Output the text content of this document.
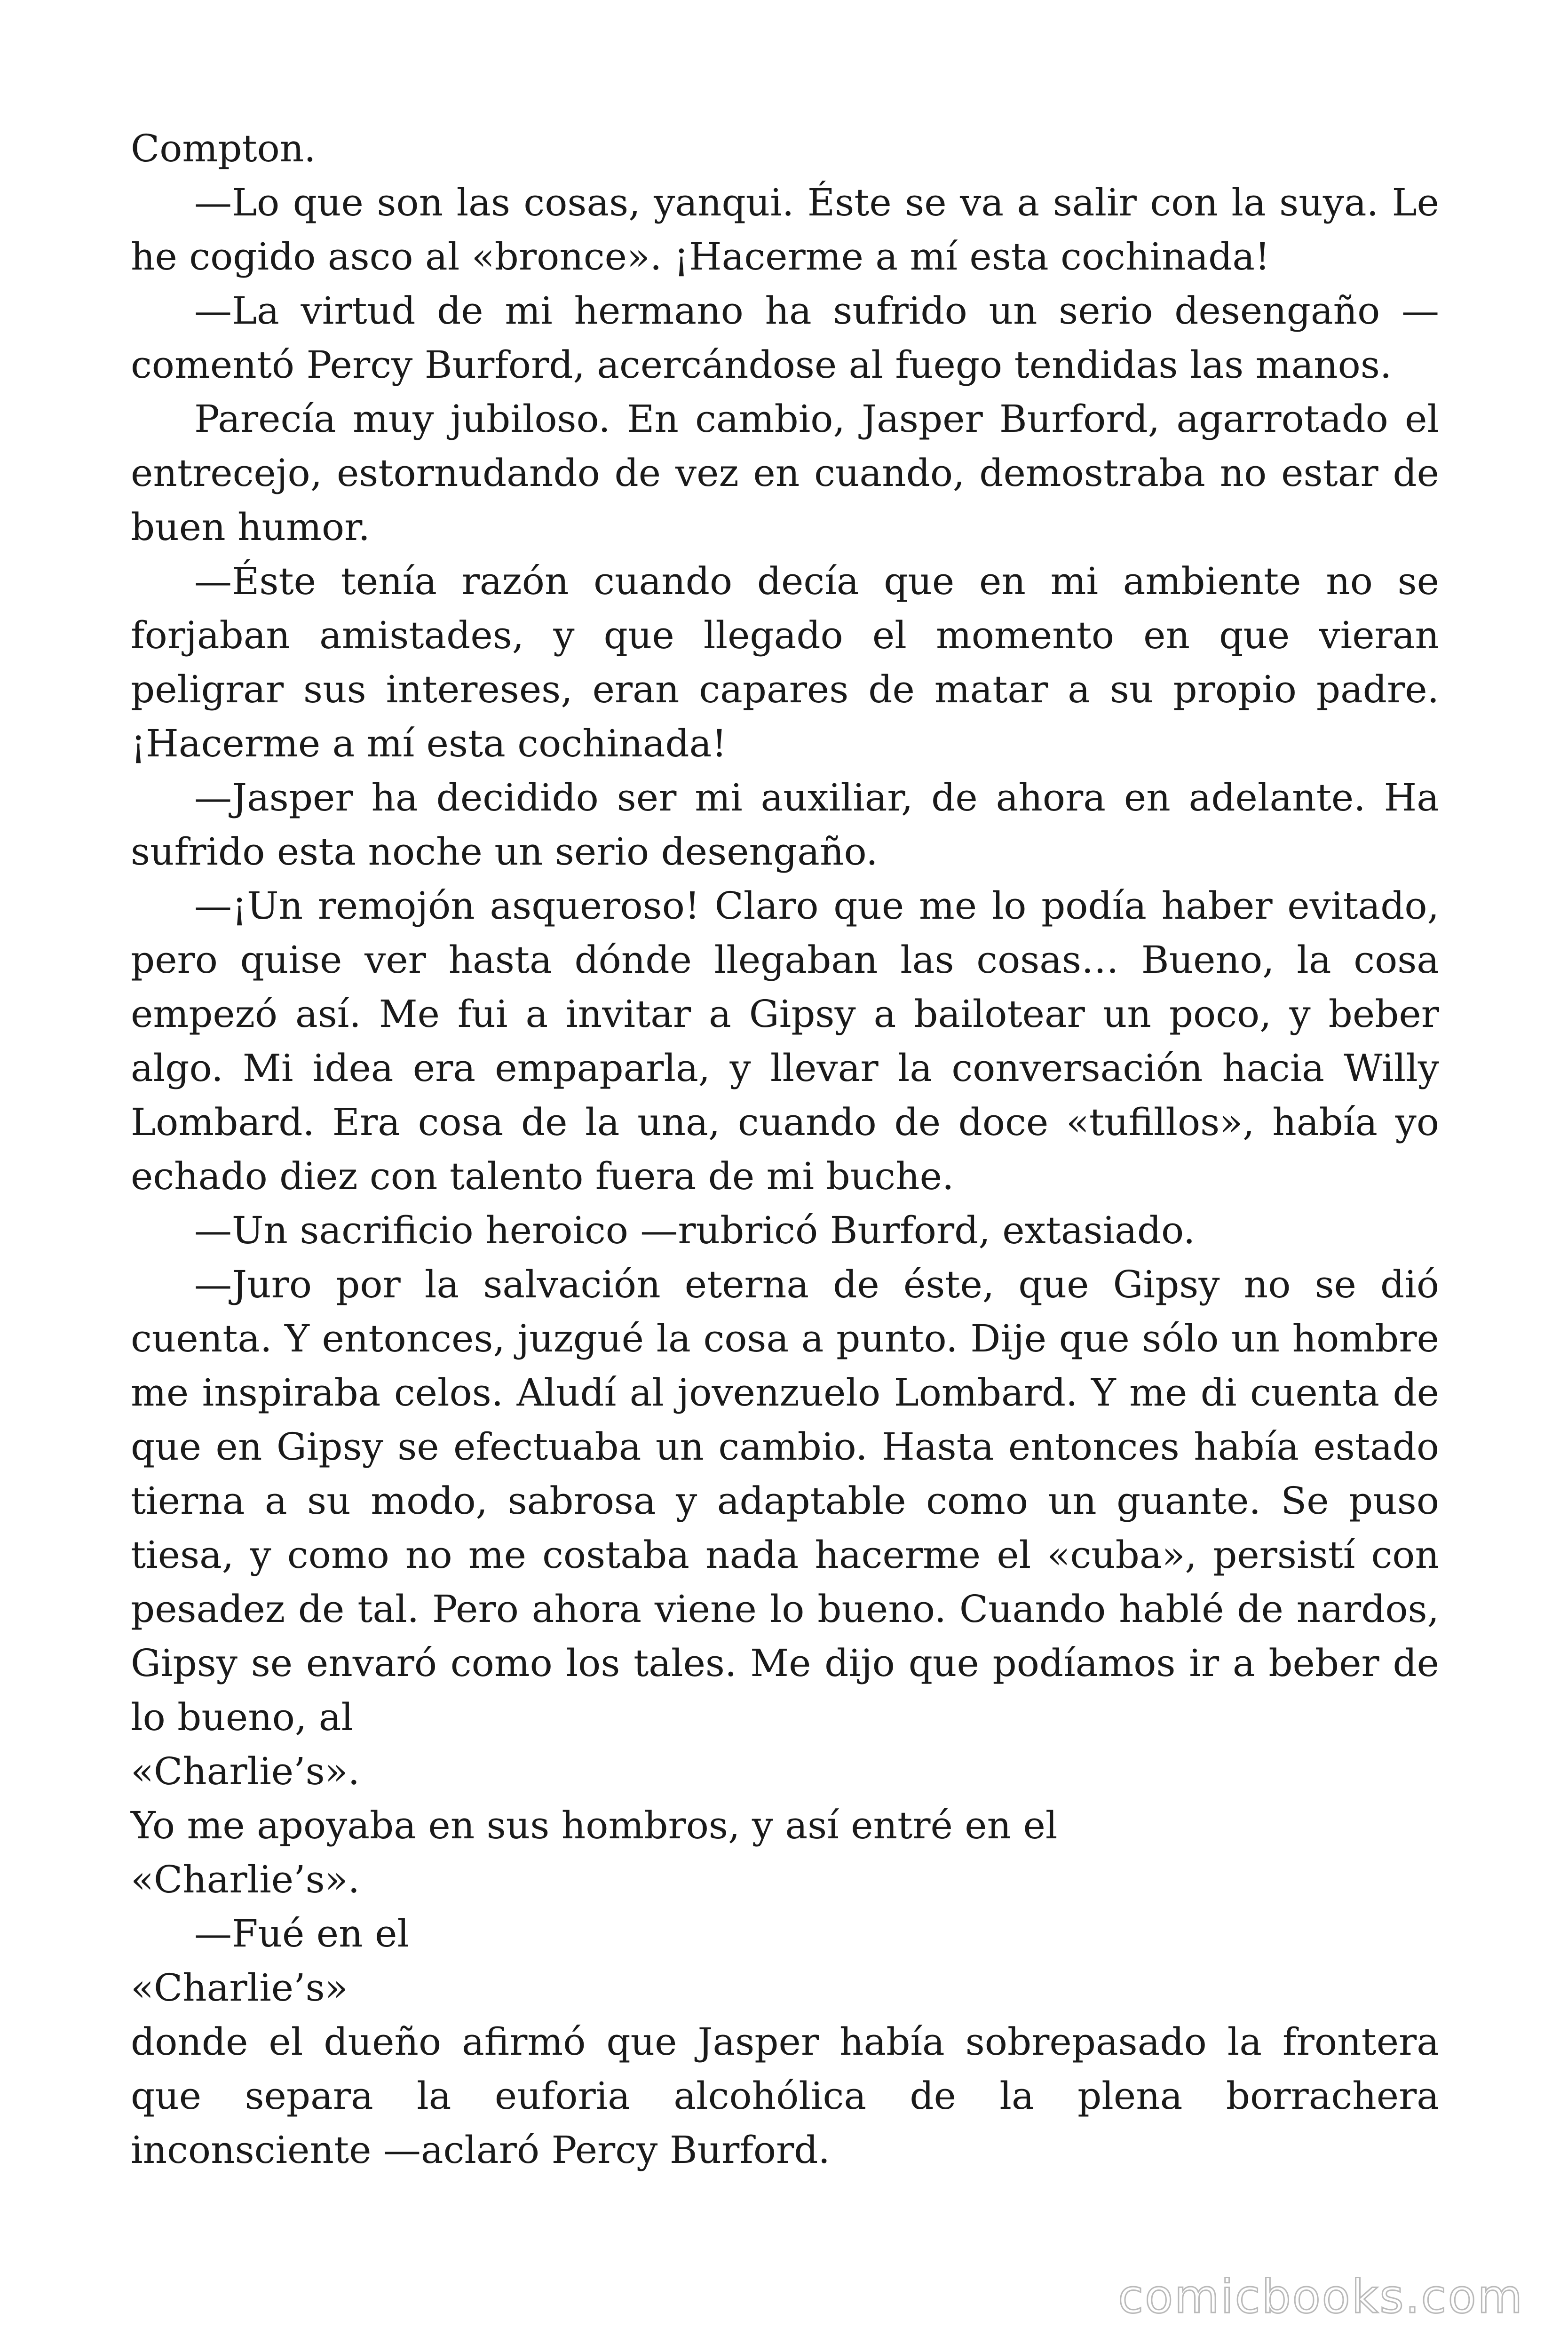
Compton.

—Lo que son las cosas, yanqui. Éste se va a salir con la suya. Le he cogido asco al «bronce». ¡Hacerme a mí esta cochinada!

—La virtud de mi hermano ha sufrido un serio desengaño —comentó Percy Burford, acercándose al fuego tendidas las manos.

Parecía muy jubiloso. En cambio, Jasper Burford, agarrotado el entrecejo, estornudando de vez en cuando, demostraba no estar de buen humor.

—Éste tenía razón cuando decía que en mi ambiente no se forjaban amistades, y que llegado el momento en que vieran peligrar sus intereses, eran capares de matar a su propio padre. ¡Hacerme a mí esta cochinada!

—Jasper ha decidido ser mi auxiliar, de ahora en adelante. Ha sufrido esta noche un serio desengaño.

—¡Un remojón asqueroso! Claro que me lo podía haber evitado, pero quise ver hasta dónde llegaban las cosas… Bueno, la cosa empezó así. Me fui a invitar a Gipsy a bailotear un poco, y beber algo. Mi idea era empaparla, y llevar la conversación hacia Willy Lombard. Era cosa de la una, cuando de doce «tufillos», había yo echado diez con talento fuera de mi buche.

—Un sacrificio heroico —rubricó Burford, extasiado.

—Juro por la salvación eterna de éste, que Gipsy no se dió cuenta. Y entonces, juzgué la cosa a punto. Dije que sólo un hombre me inspiraba celos. Aludí al jovenzuelo Lombard. Y me di cuenta de que en Gipsy se efectuaba un cambio. Hasta entonces había estado tierna a su modo, sabrosa y adaptable como un guante. Se puso tiesa, y como no me costaba nada hacerme el «cuba», persistí con pesadez de tal. Pero ahora viene lo bueno. Cuando hablé de nardos, Gipsy se envaró como los tales. Me dijo que podíamos ir a beber de lo bueno, al

«Charlie’s».

Yo me apoyaba en sus hombros, y así entré en el

«Charlie’s».

—Fué en el

«Charlie’s»

donde el dueño afirmó que Jasper había sobrepasado la frontera que separa la euforia alcohólica de la plena borrachera inconsciente —aclaró Percy Burford.

comicbooks.com
